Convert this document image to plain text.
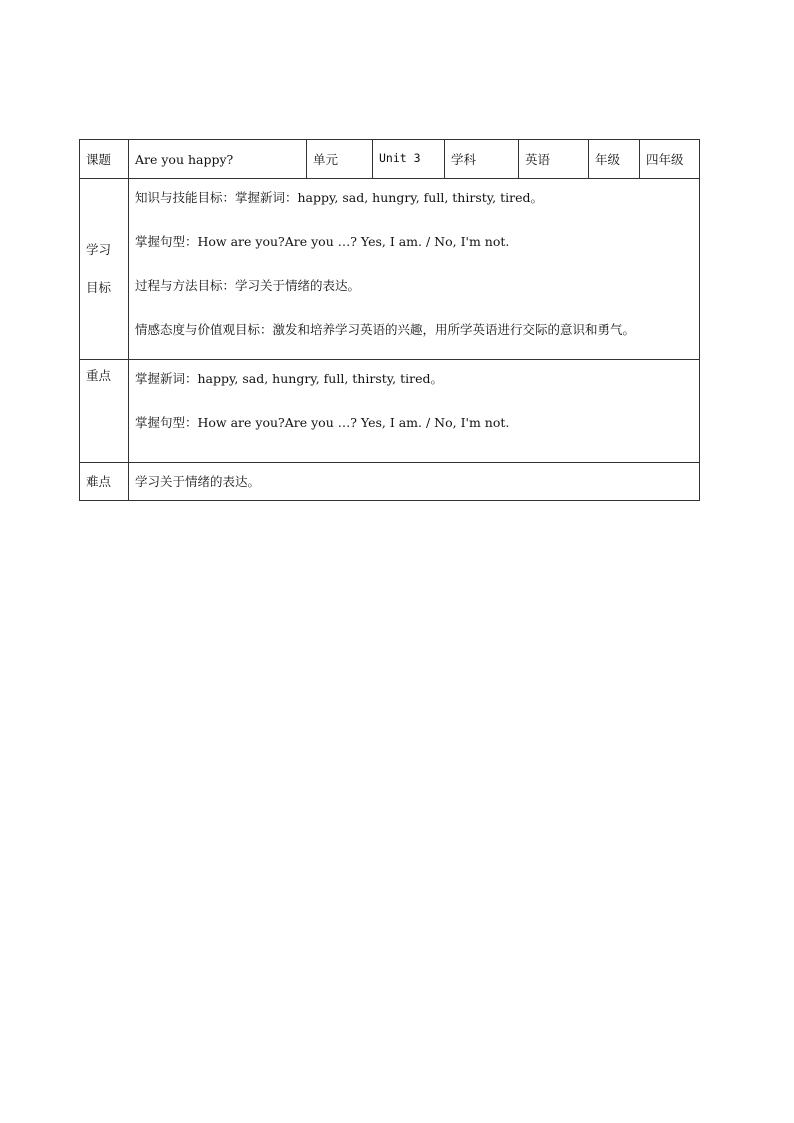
课题	Are you happy?	单元	Unit 3	学科	英语	年级	四年级

学习
目标	知识与技能目标：掌握新词：happy, sad, hungry, full, thirsty, tired。
掌握句型：How are you?Are you …? Yes, I am. / No, I'm not.
过程与方法目标：学习关于情绪的表达。
情感态度与价值观目标：激发和培养学习英语的兴趣，用所学英语进行交际的意识和勇气。						

重点	掌握新词：happy, sad, hungry, full, thirsty, tired。
掌握句型：How are you?Are you …? Yes, I am. / No, I'm not.						

难点	学习关于情绪的表达。						
